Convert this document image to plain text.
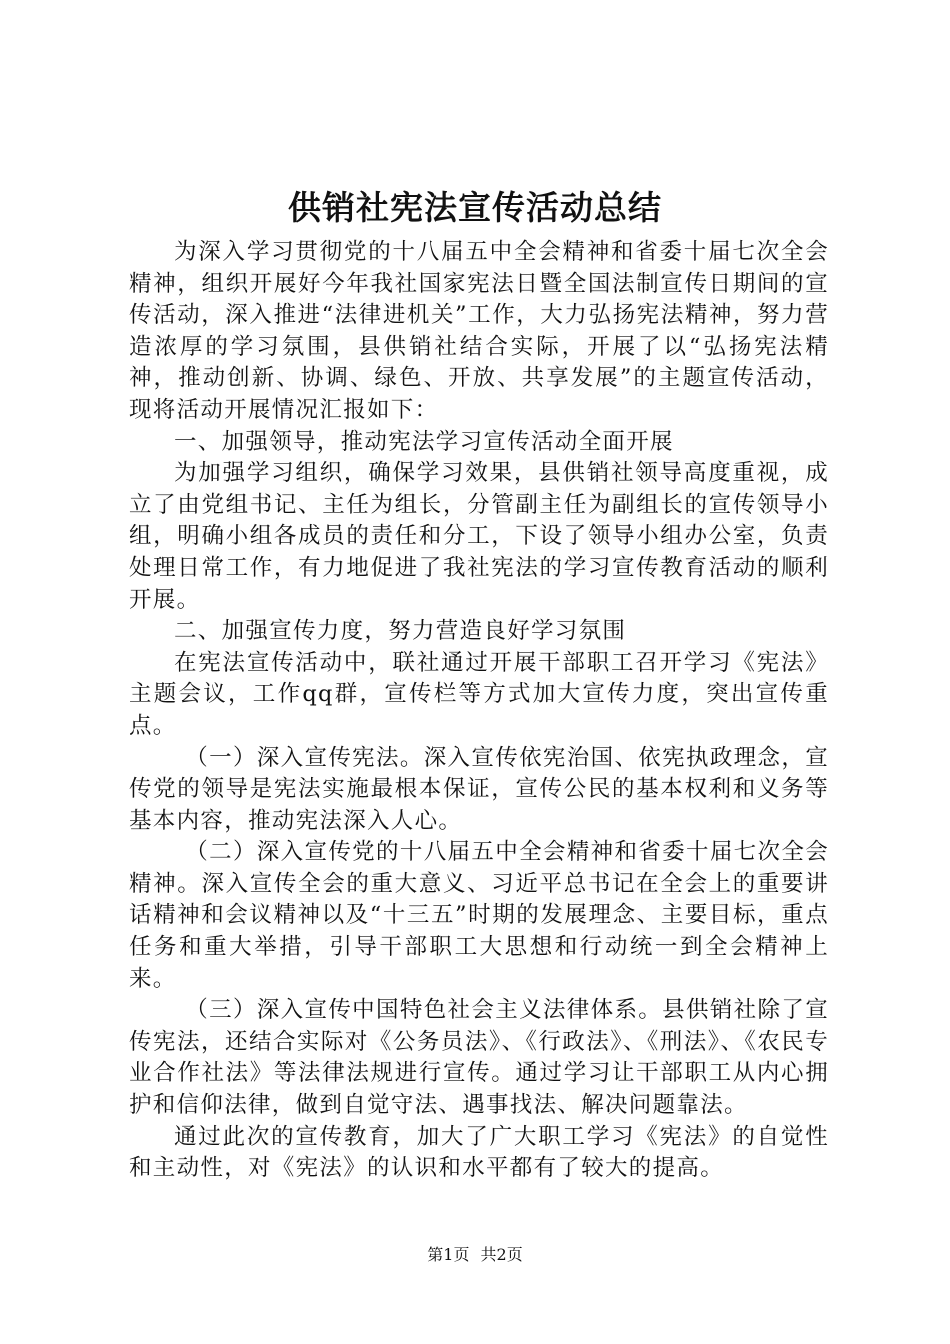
供销社宪法宣传活动总结

为深入学习贯彻党的十八届五中全会精神和省委十届七次全会精神，组织开展好今年我社国家宪法日暨全国法制宣传日期间的宣传活动，深入推进“法律进机关”工作，大力弘扬宪法精神，努力营造浓厚的学习氛围，县供销社结合实际，开展了以“弘扬宪法精神，推动创新、协调、绿色、开放、共享发展”的主题宣传活动，现将活动开展情况汇报如下：

一、加强领导，推动宪法学习宣传活动全面开展

为加强学习组织，确保学习效果，县供销社领导高度重视，成立了由党组书记、主任为组长，分管副主任为副组长的宣传领导小组，明确小组各成员的责任和分工，下设了领导小组办公室，负责处理日常工作，有力地促进了我社宪法的学习宣传教育活动的顺利开展。

二、加强宣传力度，努力营造良好学习氛围

在宪法宣传活动中，联社通过开展干部职工召开学习《宪法》主题会议，工作qq群，宣传栏等方式加大宣传力度，突出宣传重点。

（一）深入宣传宪法。深入宣传依宪治国、依宪执政理念，宣传党的领导是宪法实施最根本保证，宣传公民的基本权利和义务等基本内容，推动宪法深入人心。

（二）深入宣传党的十八届五中全会精神和省委十届七次全会精神。深入宣传全会的重大意义、习近平总书记在全会上的重要讲话精神和会议精神以及“十三五”时期的发展理念、主要目标，重点任务和重大举措，引导干部职工大思想和行动统一到全会精神上来。

（三）深入宣传中国特色社会主义法律体系。县供销社除了宣传宪法，还结合实际对《公务员法》、《行政法》、《刑法》、《农民专业合作社法》等法律法规进行宣传。通过学习让干部职工从内心拥护和信仰法律，做到自觉守法、遇事找法、解决问题靠法。

通过此次的宣传教育，加大了广大职工学习《宪法》的自觉性和主动性，对《宪法》的认识和水平都有了较大的提高。

第1页 共2页
